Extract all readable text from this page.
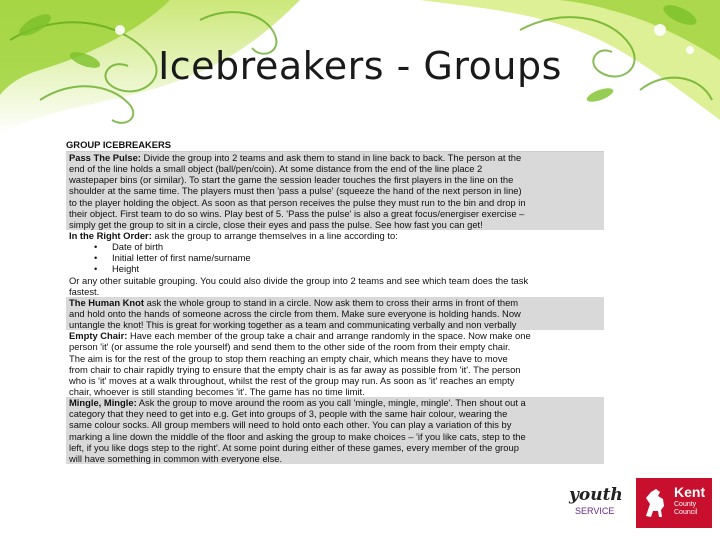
Icebreakers - Groups
GROUP ICEBREAKERS
Pass The Pulse: Divide the group into 2 teams and ask them to stand in line back to back. The person at the
end of the line holds a small object (ball/pen/coin). At some distance from the end of the line place 2
wastepaper bins (or similar). To start the game the session leader touches the first players in the line on the
shoulder at the same time. The players must then 'pass a pulse' (squeeze the hand of the next person in line)
to the player holding the object. As soon as that person receives the pulse they must run to the bin and drop in
their object. First team to do so wins. Play best of 5. 'Pass the pulse' is also a great focus/energiser exercise –
simply get the group to sit in a circle, close their eyes and pass the pulse. See how fast you can get!
In the Right Order: ask the group to arrange themselves in a line according to:
• Date of birth
• Initial letter of first name/surname
• Height
Or any other suitable grouping. You could also divide the group into 2 teams and see which team does the task
fastest.
The Human Knot ask the whole group to stand in a circle. Now ask them to cross their arms in front of them
and hold onto the hands of someone across the circle from them. Make sure everyone is holding hands. Now
untangle the knot! This is great for working together as a team and communicating verbally and non verbally
Empty Chair: Have each member of the group take a chair and arrange randomly in the space. Now make one
person 'it' (or assume the role yourself) and send them to the other side of the room from their empty chair.
The aim is for the rest of the group to stop them reaching an empty chair, which means they have to move
from chair to chair rapidly trying to ensure that the empty chair is as far away as possible from 'it'. The person
who is 'it' moves at a walk throughout, whilst the rest of the group may run. As soon as 'it' reaches an empty
chair, whoever is still standing becomes 'it'. The game has no time limit.
Mingle, Mingle: Ask the group to move around the room as you call 'mingle, mingle, mingle'. Then shout out a
category that they need to get into e.g. Get into groups of 3, people with the same hair colour, wearing the
same colour socks. All group members will need to hold onto each other. You can play a variation of this by
marking a line down the middle of the floor and asking the group to make choices – 'if you like cats, step to the
left, if you like dogs step to the right'. At some point during either of these games, every member of the group
will have something in common with everyone else.
youth
SERVICE
Kent
County
Council
